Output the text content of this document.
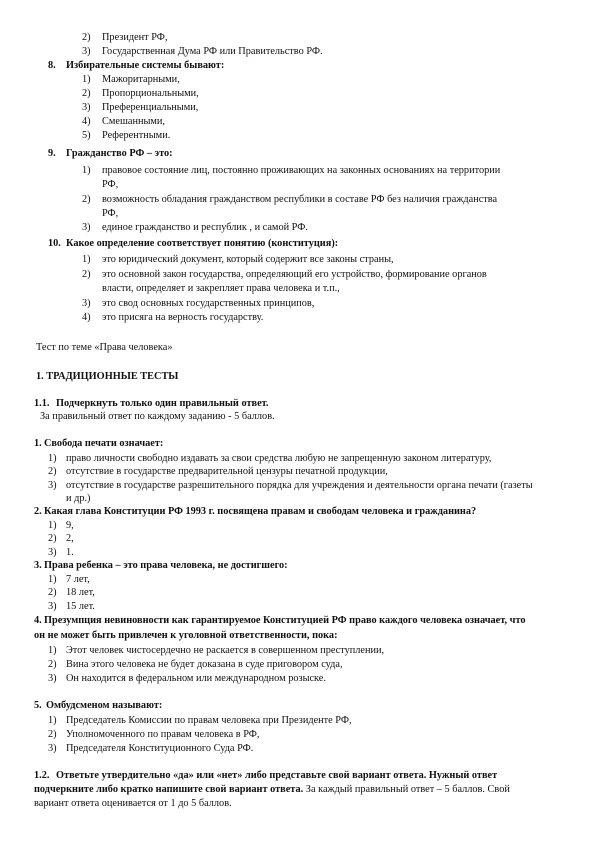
2) Президент РФ,
3) Государственная Дума РФ или Правительство РФ.
8. Избирательные системы бывают:
1) Мажоритарными,
2) Пропорциональными,
3) Преференциальными,
4) Смешанными,
5) Референтными.
9. Гражданство РФ – это:
1) правовое состояние лиц, постоянно проживающих на законных основаниях на территории
РФ,
2) возможность обладания гражданством республики в составе РФ без наличия гражданства
РФ,
3) единое гражданство и республик , и самой РФ.
10. Какое определение соответствует понятию (конституция):
1) это юридический документ, который содержит все законы страны,
2) это основной закон государства, определяющий его устройство, формирование органов
власти, определяет и закрепляет права человека и т.п.,
3) это свод основных государственных принципов,
4) это присяга на верность государству.
Тест по теме «Права человека»
1. ТРАДИЦИОННЫЕ ТЕСТЫ
1.1. Подчеркнуть только один правильный ответ.
За правильный ответ по каждому заданию - 5 баллов.
1. Свобода печати означает:
1) право личности свободно издавать за свои средства любую не запрещенную законом литературу,
2) отсутствие в государстве предварительной цензуры печатной продукции,
3) отсутствие в государстве разрешительного порядка для учреждения и деятельности органа печати (газеты
и др.)
2. Какая глава Конституции РФ 1993 г. посвящена правам и свободам человека и гражданина?
1) 9,
2) 2,
3) 1.
3. Права ребенка – это права человека, не достигшего:
1) 7 лет,
2) 18 лет,
3) 15 лет.
4. Презумпция невиновности как гарантируемое Конституцией РФ право каждого человека означает, что
он не может быть привлечен к уголовной ответственности, пока:
1) Этот человек чистосердечно не раскается в совершенном преступлении,
2) Вина этого человека не будет доказана в суде приговором суда,
3) Он находится в федеральном или международном розыске.
5. Омбудсменом называют:
1) Председатель Комиссии по правам человека при Президенте РФ,
2) Уполномоченного по правам человека в РФ,
3) Председателя Конституционного Суда РФ.
1.2. Ответьте утвердительно «да» или «нет» либо представьте свой вариант ответа. Нужный ответ
подчеркните либо кратко напишите свой вариант ответа. За каждый правильный ответ – 5 баллов. Свой
вариант ответа оценивается от 1 до 5 баллов.
